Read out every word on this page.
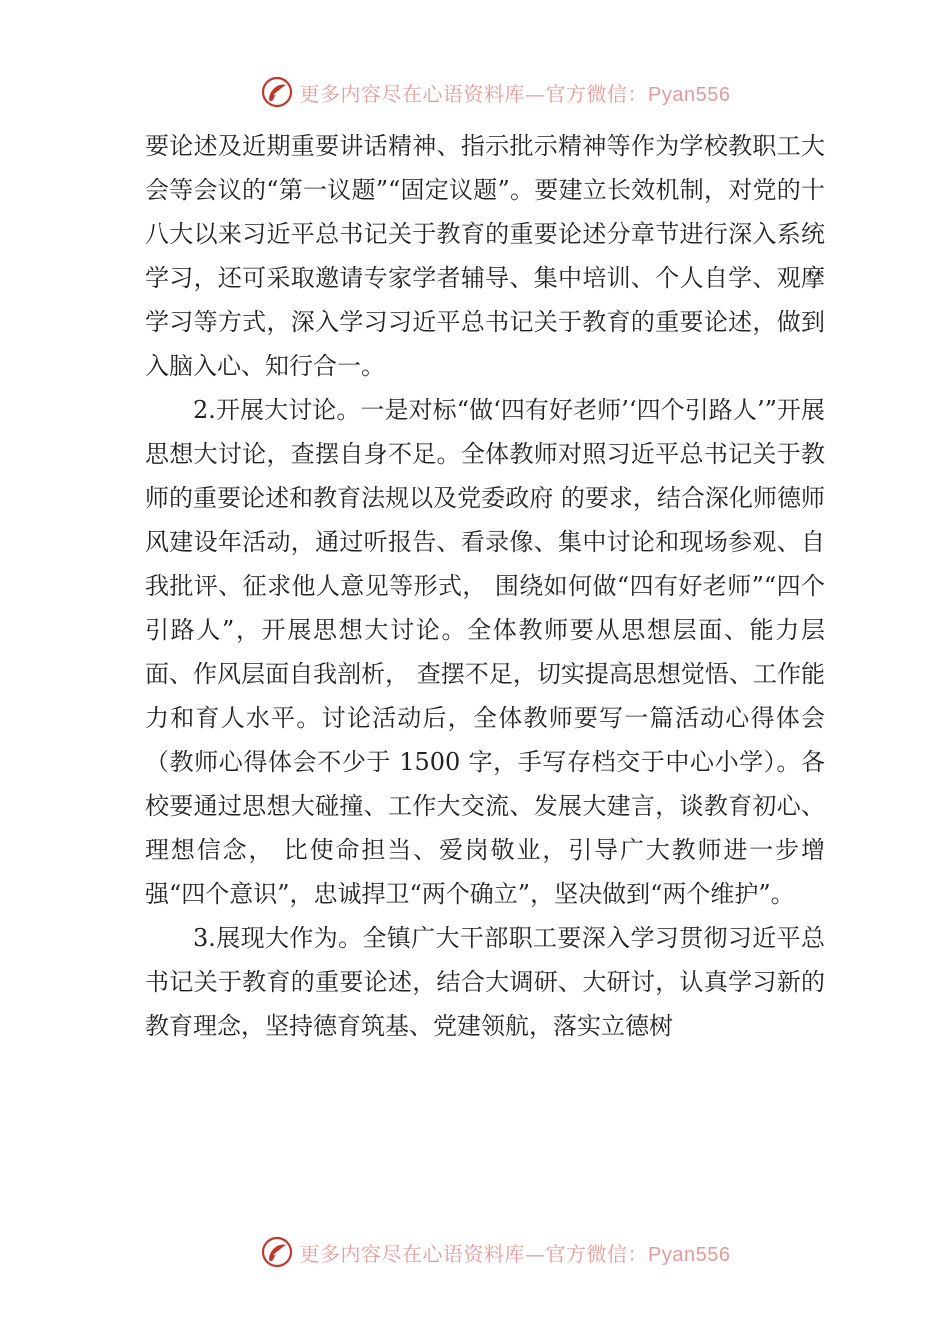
更多内容尽在心语资料库—官方微信：Pyan556

要论述及近期重要讲话精神、指示批示精神等作为学校教职工大会等会议的“第一议题”“固定议题”。要建立长效机制，对党的十八大以来习近平总书记关于教育的重要论述分章节进行深入系统学习，还可采取邀请专家学者辅导、集中培训、个人自学、观摩学习等方式，深入学习习近平总书记关于教育的重要论述，做到入脑入心、知行合一。

2.开展大讨论。一是对标“做‘四有好老师’‘四个引路人’”开展思想大讨论，查摆自身不足。全体教师对照习近平总书记关于教师的重要论述和教育法规以及党委政府 的要求，结合深化师德师风建设年活动，通过听报告、看录像、集中讨论和现场参观、自我批评、征求他人意见等形式， 围绕如何做“四有好老师”“四个引路人”，开展思想大讨论。全体教师要从思想层面、能力层面、作风层面自我剖析， 查摆不足，切实提高思想觉悟、工作能力和育人水平。讨论活动后，全体教师要写一篇活动心得体会（教师心得体会不少于 1500 字，手写存档交于中心小学）。各校要通过思想大碰撞、工作大交流、发展大建言，谈教育初心、理想信念， 比使命担当、爱岗敬业，引导广大教师进一步增强“四个意识”，忠诚捍卫“两个确立”，坚决做到“两个维护”。

3.展现大作为。全镇广大干部职工要深入学习贯彻习近平总书记关于教育的重要论述，结合大调研、大研讨，认真学习新的教育理念，坚持德育筑基、党建领航，落实立德树

更多内容尽在心语资料库—官方微信：Pyan556
